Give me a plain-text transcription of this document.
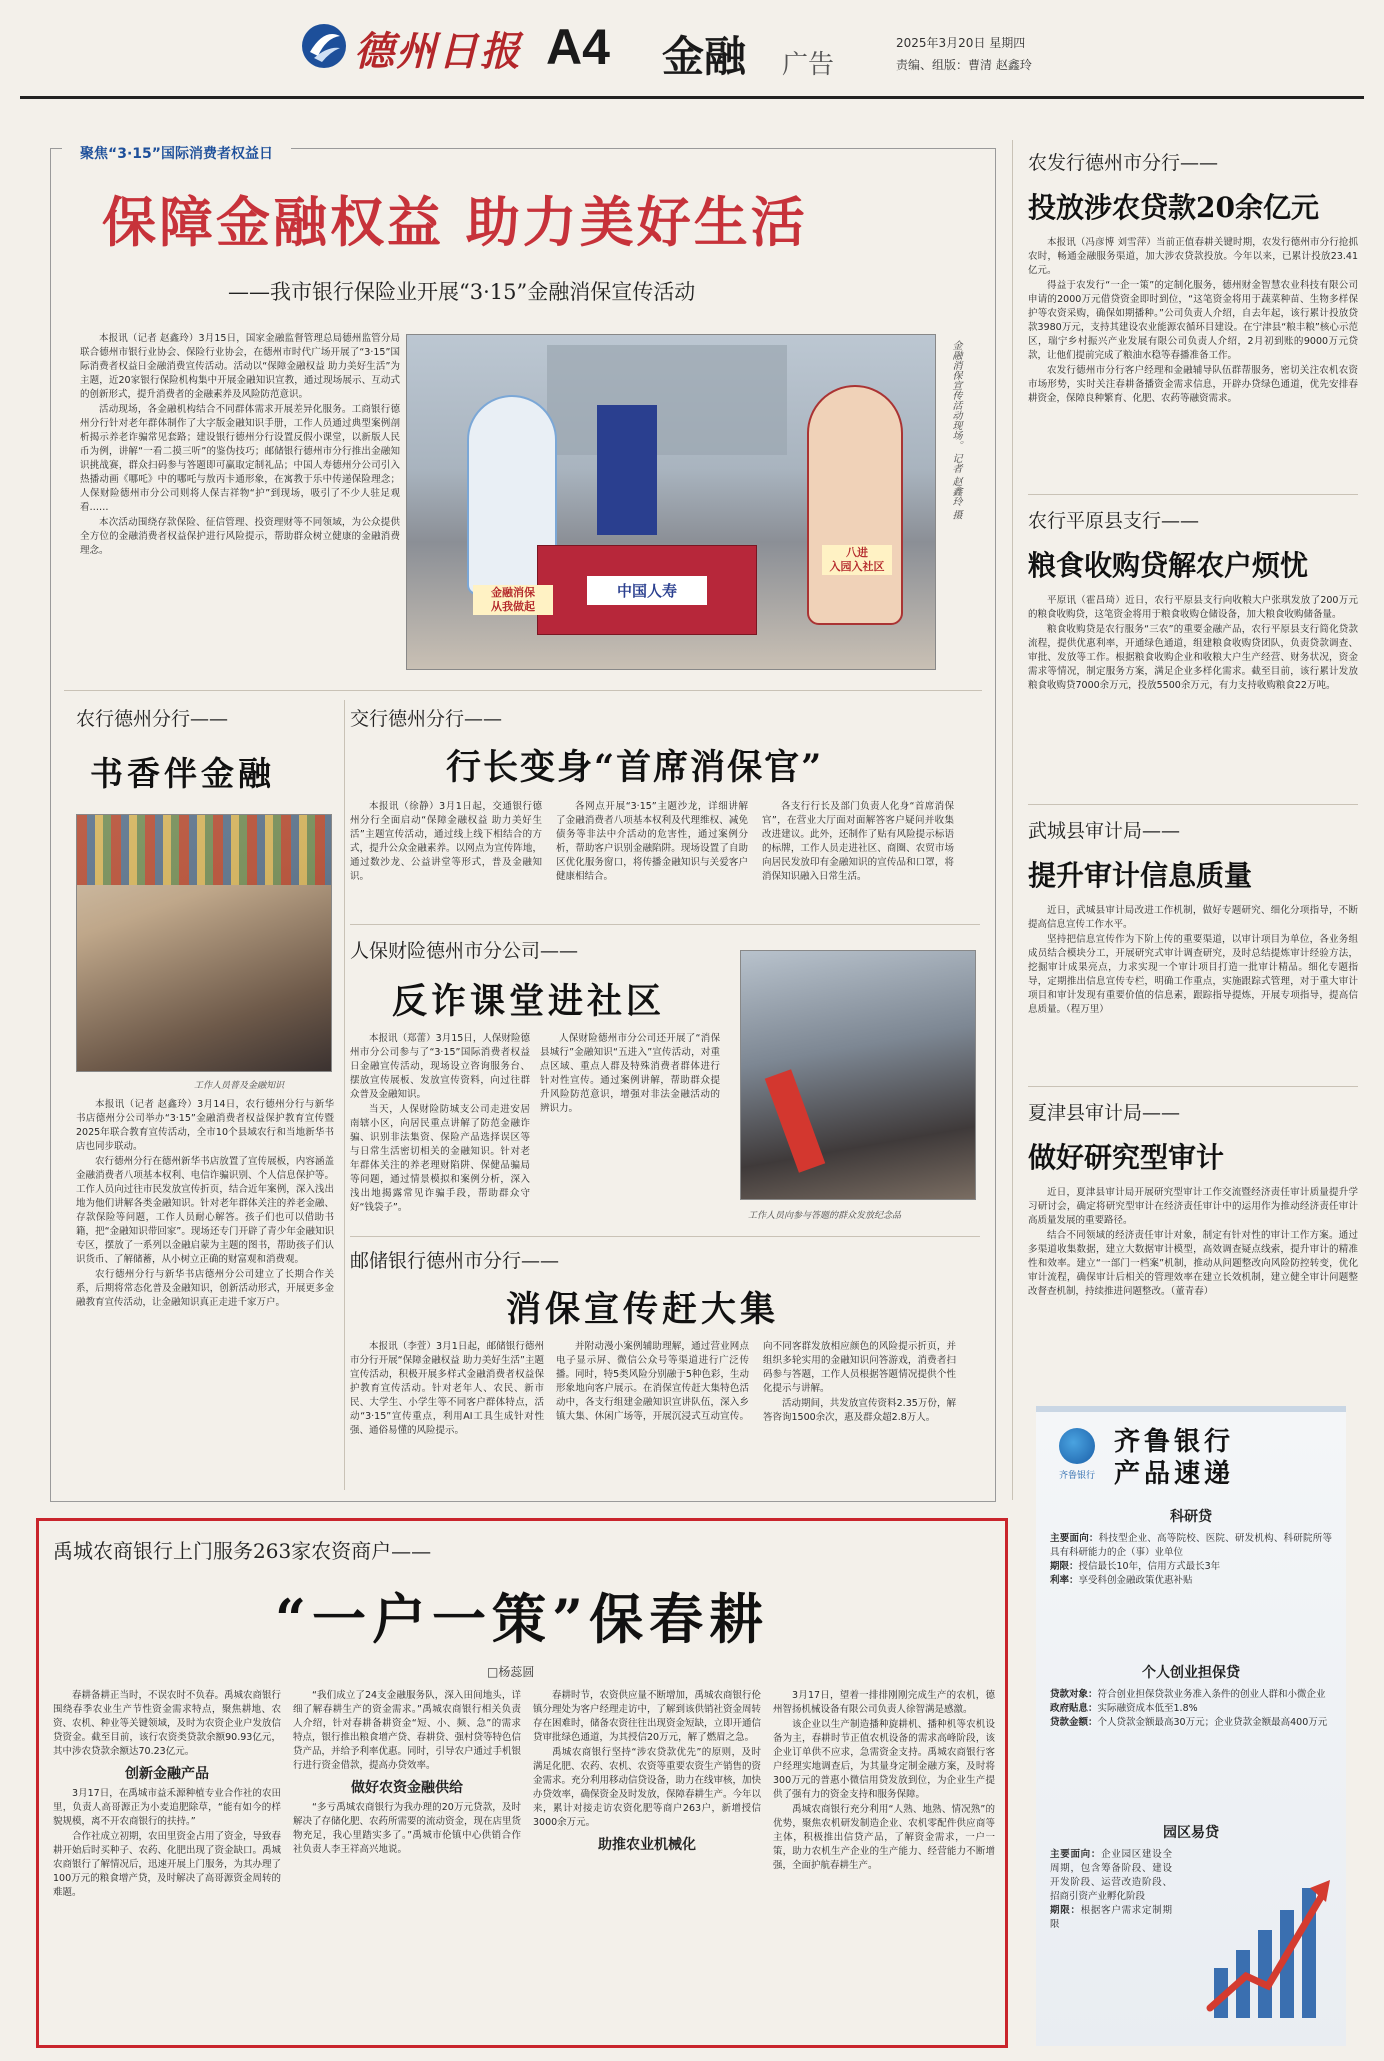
德州日报 A4 金融 广告
2025年3月20日 星期四
责编、组版：曹清 赵鑫玲
聚焦“3·15”国际消费者权益日
保障金融权益 助力美好生活
——我市银行保险业开展“3·15”金融消保宣传活动

本报讯（记者 赵鑫玲）3月15日，国家金融监督管理总局德州监管分局联合德州市银行业协会、保险行业协会，在德州市时代广场开展了“3·15”国际消费者权益日金融消费宣传活动。活动以“保障金融权益 助力美好生活”为主题，近20家银行保险机构集中开展金融知识宣教，通过现场展示、互动式的创新形式，提升消费者的金融素养及风险防范意识。

活动现场，各金融机构结合不同群体需求开展差异化服务。工商银行德州分行针对老年群体制作了大字版金融知识手册，工作人员通过典型案例剖析揭示养老诈骗常见套路；建设银行德州分行设置反假小课堂，以新版人民币为例，讲解“一看二摸三听”的鉴伪技巧；邮储银行德州市分行推出金融知识挑战赛，群众扫码参与答题即可赢取定制礼品；中国人寿德州分公司引入热播动画《哪吒》中的哪吒与敖丙卡通形象，在寓教于乐中传递保险理念；人保财险德州市分公司则将人保吉祥物“护”到现场，吸引了不少人驻足观看……

本次活动围绕存款保险、征信管理、投资理财等不同领域，为公众提供全方位的金融消费者权益保护进行风险提示，帮助群众树立健康的金融消费理念。

中国人寿
金融消保
从我做起
八进
入园入社区
金融消保宣传活动现场。 记者 赵鑫玲 摄
农行德州分行——
书香伴金融
工作人员普及金融知识

本报讯（记者 赵鑫玲）3月14日，农行德州分行与新华书店德州分公司举办“3·15”金融消费者权益保护教育宣传暨2025年联合教育宣传活动，全市10个县域农行和当地新华书店也同步联动。

农行德州分行在德州新华书店放置了宣传展板，内容涵盖金融消费者八项基本权利、电信诈骗识别、个人信息保护等。工作人员向过往市民发放宣传折页，结合近年案例，深入浅出地为他们讲解各类金融知识。针对老年群体关注的养老金融、存款保险等问题，工作人员耐心解答。孩子们也可以借助书籍，把“金融知识带回家”。现场还专门开辟了青少年金融知识专区，摆放了一系列以金融启蒙为主题的图书，帮助孩子们认识货币、了解储蓄，从小树立正确的财富观和消费观。

农行德州分行与新华书店德州分公司建立了长期合作关系，后期将常态化普及金融知识，创新活动形式，开展更多金融教育宣传活动，让金融知识真正走进千家万户。

交行德州分行——
行长变身“首席消保官”

本报讯（徐静）3月1日起，交通银行德州分行全面启动“保障金融权益 助力美好生活”主题宣传活动，通过线上线下相结合的方式，提升公众金融素养。以网点为宣传阵地，通过数沙龙、公益讲堂等形式，普及金融知识。

各网点开展“3·15”主题沙龙，详细讲解了金融消费者八项基本权利及代理维权、减免债务等非法中介活动的危害性，通过案例分析，帮助客户识别金融陷阱。现场设置了自助区优化服务窗口，将传播金融知识与关爱客户健康相结合。

各支行行长及部门负责人化身“首席消保官”，在营业大厅面对面解答客户疑问并收集改进建议。此外，还制作了贴有风险提示标语的标牌，工作人员走进社区、商圈、农贸市场向居民发放印有金融知识的宣传品和口罩，将消保知识融入日常生活。

人保财险德州市分公司——
反诈课堂进社区

本报讯（郑蕾）3月15日，人保财险德州市分公司参与了“3·15”国际消费者权益日金融宣传活动，现场设立咨询服务台、摆放宣传展板、发放宣传资料，向过往群众普及金融知识。

当天，人保财险防城支公司走进安居南辖小区，向居民重点讲解了防范金融诈骗、识别非法集资、保险产品选择误区等与日常生活密切相关的金融知识。针对老年群体关注的养老理财陷阱、保健品骗局等问题，通过情景模拟和案例分析，深入浅出地揭露常见诈骗手段，帮助群众守好“钱袋子”。

人保财险德州市分公司还开展了“消保县城行”金融知识“五进入”宣传活动，对重点区域、重点人群及特殊消费者群体进行针对性宣传。通过案例讲解，帮助群众提升风险防范意识，增强对非法金融活动的辨识力。

工作人员向参与答题的群众发放纪念品
邮储银行德州市分行——
消保宣传赶大集

本报讯（李萱）3月1日起，邮储银行德州市分行开展“保障金融权益 助力美好生活”主题宣传活动，积极开展多样式金融消费者权益保护教育宣传活动。针对老年人、农民、新市民、大学生、小学生等不同客户群体特点，活动“3·15”宣传重点，利用AI工具生成针对性强、通俗易懂的风险提示。

并附动漫小案例辅助理解，通过营业网点电子显示屏、微信公众号等渠道进行广泛传播。同时，特5类风险分别融于5种色彩，生动形象地向客户展示。在消保宣传赶大集特色活动中，各支行组建金融知识宣讲队伍，深入乡镇大集、休闲广场等，开展沉浸式互动宣传。向不同客群发放相应颜色的风险提示折页，并组织多轮实用的金融知识问答游戏，消费者扫码参与答题，工作人员根据答题情况提供个性化提示与讲解。

活动期间，共发放宣传资料2.35万份，解答咨询1500余次，惠及群众超2.8万人。

农发行德州市分行——
投放涉农贷款20余亿元

本报讯（冯彦博 刘雪萍）当前正值春耕关键时期，农发行德州市分行抢抓农时，畅通金融服务渠道，加大涉农贷款投放。今年以来，已累计投放23.41亿元。

得益于农发行“一企一策”的定制化服务，德州财金智慧农业科技有限公司申请的2000万元借贷资金即时到位，“这笔资金将用于蔬菜种苗、生物多样保护等农资采购，确保如期播种。”公司负责人介绍，自去年起，该行累计投放贷款3980万元，支持其建设农业能源农循环目建设。在宁津县“粮丰粮”核心示范区，瑞宁乡村振兴产业发展有限公司负责人介绍，2月初到账的9000万元贷款，让他们提前完成了粮油水稳等春播准备工作。

农发行德州市分行客户经理和金融辅导队伍群帮服务，密切关注农机农资市场形势，实时关注春耕备播资金需求信息，开辟办贷绿色通道，优先安排春耕资金，保障良种繁育、化肥、农药等融资需求。

农行平原县支行——
粮食收购贷解农户烦忧

平原讯（霍昌琦）近日，农行平原县支行向收粮大户张琪发放了200万元的粮食收购贷，这笔资金将用于粮食收购仓储设备，加大粮食收购储备量。

粮食收购贷是农行服务“三农”的重要金融产品，农行平原县支行简化贷款流程，提供优惠利率，开通绿色通道，组建粮食收购贷团队，负责贷款调查、审批、发放等工作。根据粮食收购企业和收粮大户生产经营、财务状况，资金需求等情况，制定服务方案，满足企业多样化需求。截至目前，该行累计发放粮食收购贷7000余万元，投放5500余万元，有力支持收购粮食22万吨。

武城县审计局——
提升审计信息质量

近日，武城县审计局改进工作机制，做好专题研究、细化分项指导，不断提高信息宣传工作水平。

坚持把信息宣传作为下阶上传的重要渠道，以审计项目为单位，各业务组成员结合模块分工，开展研究式审计调查研究，及时总结提炼审计经验方法，挖掘审计成果亮点，力求实现一个审计项目打造一批审计精品。细化专题指导，定期推出信息宣传专栏，明确工作重点，实施跟踪式管理，对于重大审计项目和审计发现有重要价值的信息素，跟踪指导提炼，开展专项指导，提高信息质量。（程万里）

夏津县审计局——
做好研究型审计

近日，夏津县审计局开展研究型审计工作交流暨经济责任审计质量提升学习研讨会，确定将研究型审计在经济责任审计中的运用作为推动经济责任审计高质量发展的重要路径。

结合不同领域的经济责任审计对象，制定有针对性的审计工作方案。通过多渠道收集数据，建立大数据审计模型，高效调查疑点线索，提升审计的精准性和效率。建立“一部门一档案”机制，推动从问题整改向风险防控转变，优化审计流程，确保审计后相关的管理效率在建立长效机制，建立健全审计问题整改督查机制，持续推进问题整改。（董青春）

齐鲁银行
齐鲁银行
产品速递
科研贷
主要面向：科技型企业、高等院校、医院、研发机构、科研院所等具有科研能力的企（事）业单位
期限：授信最长10年，信用方式最长3年
利率：享受科创金融政策优惠补贴
个人创业担保贷
贷款对象：符合创业担保贷款业务准入条件的创业人群和小微企业
政府贴息：实际融资成本低至1.8%
贷款金额：个人贷款金额最高30万元；企业贷款金额最高400万元
园区易贷
主要面向：企业园区建设全周期，包含筹备阶段、建设开发阶段、运营改造阶段、招商引资产业孵化阶段
期限：根据客户需求定制期限
禹城农商银行上门服务263家农资商户——
“一户一策”保春耕
□杨蕊圆

春耕备耕正当时，不误农时不负春。禹城农商银行围绕春季农业生产节性资金需求特点，聚焦耕地、农资、农机、种业等关键领域，及时为农资企业户发放信贷资金。截至目前，该行农资类贷款余额90.93亿元，其中涉农贷款余额达70.23亿元。

创新金融产品

3月17日，在禹城市益禾源种植专业合作社的农田里，负责人高哥源正为小麦追肥除草，“能有如今的样貌规模，离不开农商银行的扶持。”

合作社成立初期，农田里资金占用了资金，导致春耕开始后时买种子、农药、化肥出现了资金缺口。禹城农商银行了解情况后，迅速开展上门服务，为其办理了100万元的粮食增产贷，及时解决了高哥源资金周转的难题。

“我们成立了24支金融服务队，深入田间地头，详细了解春耕生产的资金需求。”禹城农商银行相关负责人介绍，针对春耕备耕资金“短、小、频、急”的需求特点，银行推出粮食增产贷、春耕贷、强村贷等特色信贷产品，并给予利率优惠。同时，引导农户通过手机银行进行资金借款，提高办贷效率。

做好农资金融供给

“多亏禹城农商银行为我办理的20万元贷款，及时解决了存储化肥、农药所需要的流动资金，现在店里货物充足，我心里踏实多了。”禹城市伦镇中心供销合作社负责人李王祥高兴地说。

春耕时节，农资供应量不断增加，禹城农商银行伦镇分理处为客户经理走访中，了解到该供销社资金周转存在困难时，储备农资往往出现资金短缺，立即开通信贷审批绿色通道，为其授信20万元，解了燃眉之急。

禹城农商银行坚持“涉农贷款优先”的原则，及时满足化肥、农药、农机、农资等重要农资生产销售的资金需求。充分利用移动信贷设备，助力在线审核，加快办贷效率，确保资金及时发放，保障春耕生产。今年以来，累计对接走访农资化肥等商户263户，新增授信3000余万元。

助推农业机械化

3月17日，望着一排排刚刚完成生产的农机，德州智扬机械设备有限公司负责人徐智满是感激。

该企业以生产制造播种旋耕机、播种机等农机设备为主，春耕时节正值农机设备的需求高峰阶段，该企业订单供不应求，急需资金支持。禹城农商银行客户经理实地调查后，为其量身定制金融方案，及时将300万元的普惠小微信用贷发放到位，为企业生产提供了强有力的资金支持和服务保障。

禹城农商银行充分利用“人熟、地熟、情况熟”的优势，聚焦农机研发制造企业、农机零配件供应商等主体，积极推出信贷产品，了解资金需求，一户一策，助力农机生产企业的生产能力、经营能力不断增强，全面护航春耕生产。
